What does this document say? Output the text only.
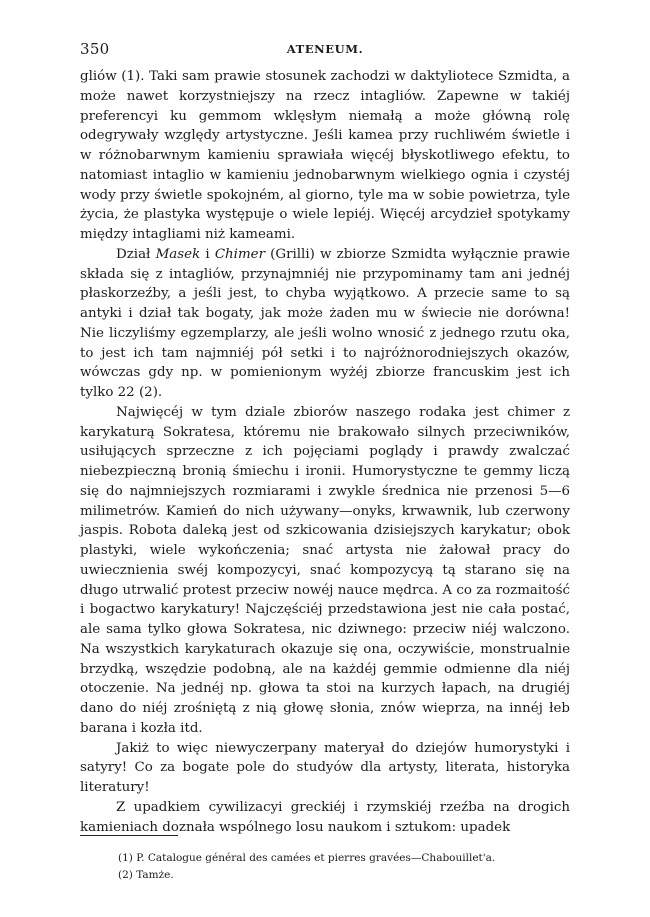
350	ATENEUM.

gliów (1). Taki sam prawie stosunek zachodzi w daktyliotece Szmidta, a może nawet korzystniejszy na rzecz intagliów. Zapewne w takiéj preferencyi ku gemmom wklęsłym niemałą a może główną rolę odegrywały względy artystyczne. Jeśli kamea przy ruchliwém świetle i w różnobarwnym kamieniu sprawiała więcéj błyskotliwego efektu, to natomiast intaglio w kamieniu jednobarwnym wielkiego ognia i czystéj wody przy świetle spokojném, al giorno, tyle ma w sobie powietrza, tyle życia, że plastyka występuje o wiele lepiéj. Więcéj arcydzieł spotykamy między intagliami niż kameami.

Dział Masek i Chimer (Grilli) w zbiorze Szmidta wyłącznie prawie składa się z intagliów, przynajmniéj nie przypominamy tam ani jednéj płaskorzeźby, a jeśli jest, to chyba wyjątkowo. A przecie same to są antyki i dział tak bogaty, jak może żaden mu w świecie nie dorówna! Nie liczyliśmy egzemplarzy, ale jeśli wolno wnosić z jednego rzutu oka, to jest ich tam najmniéj pół setki i to najróżnorodniejszych okazów, wówczas gdy np. w pomienionym wyżéj zbiorze francuskim jest ich tylko 22 (2).

Najwięcéj w tym dziale zbiorów naszego rodaka jest chimer z karykaturą Sokratesa, któremu nie brakowało silnych przeciwników, usiłujących sprzeczne z ich pojęciami poglądy i prawdy zwalczać niebezpieczną bronią śmiechu i ironii. Humorystyczne te gemmy liczą się do najmniejszych rozmiarami i zwykle średnica nie przenosi 5—6 milimetrów. Kamień do nich używany—onyks, krwawnik, lub czerwony jaspis. Robota daleką jest od szkicowania dzisiejszych karykatur; obok plastyki, wiele wykończenia; snać artysta nie żałował pracy do uwiecznienia swéj kompozycyi, snać kompozycyą tą starano się na długo utrwalić protest przeciw nowéj nauce mędrca. A co za rozmaitość i bogactwo karykatury! Najczęściéj przedstawiona jest nie cała postać, ale sama tylko głowa Sokratesa, nic dziwnego: przeciw niéj walczono. Na wszystkich karykaturach okazuje się ona, oczywiście, monstrualnie brzydką, wszędzie podobną, ale na każdéj gemmie odmienne dla niéj otoczenie. Na jednéj np. głowa ta stoi na kurzych łapach, na drugiéj dano do niéj zrośniętą z nią głowę słonia, znów wieprza, na innéj łeb barana i kozła itd.

Jakiż to więc niewyczerpany materyał do dziejów humorystyki i satyry! Co za bogate pole do studyów dla artysty, literata, historyka literatury!

Z upadkiem cywilizacyi greckiéj i rzymskiéj rzeźba na drogich kamieniach doznała wspólnego losu naukom i sztukom: upadek

(1) P. Catalogue général des camées et pierres gravées—Chabouillet'a.
(2) Tamże.
